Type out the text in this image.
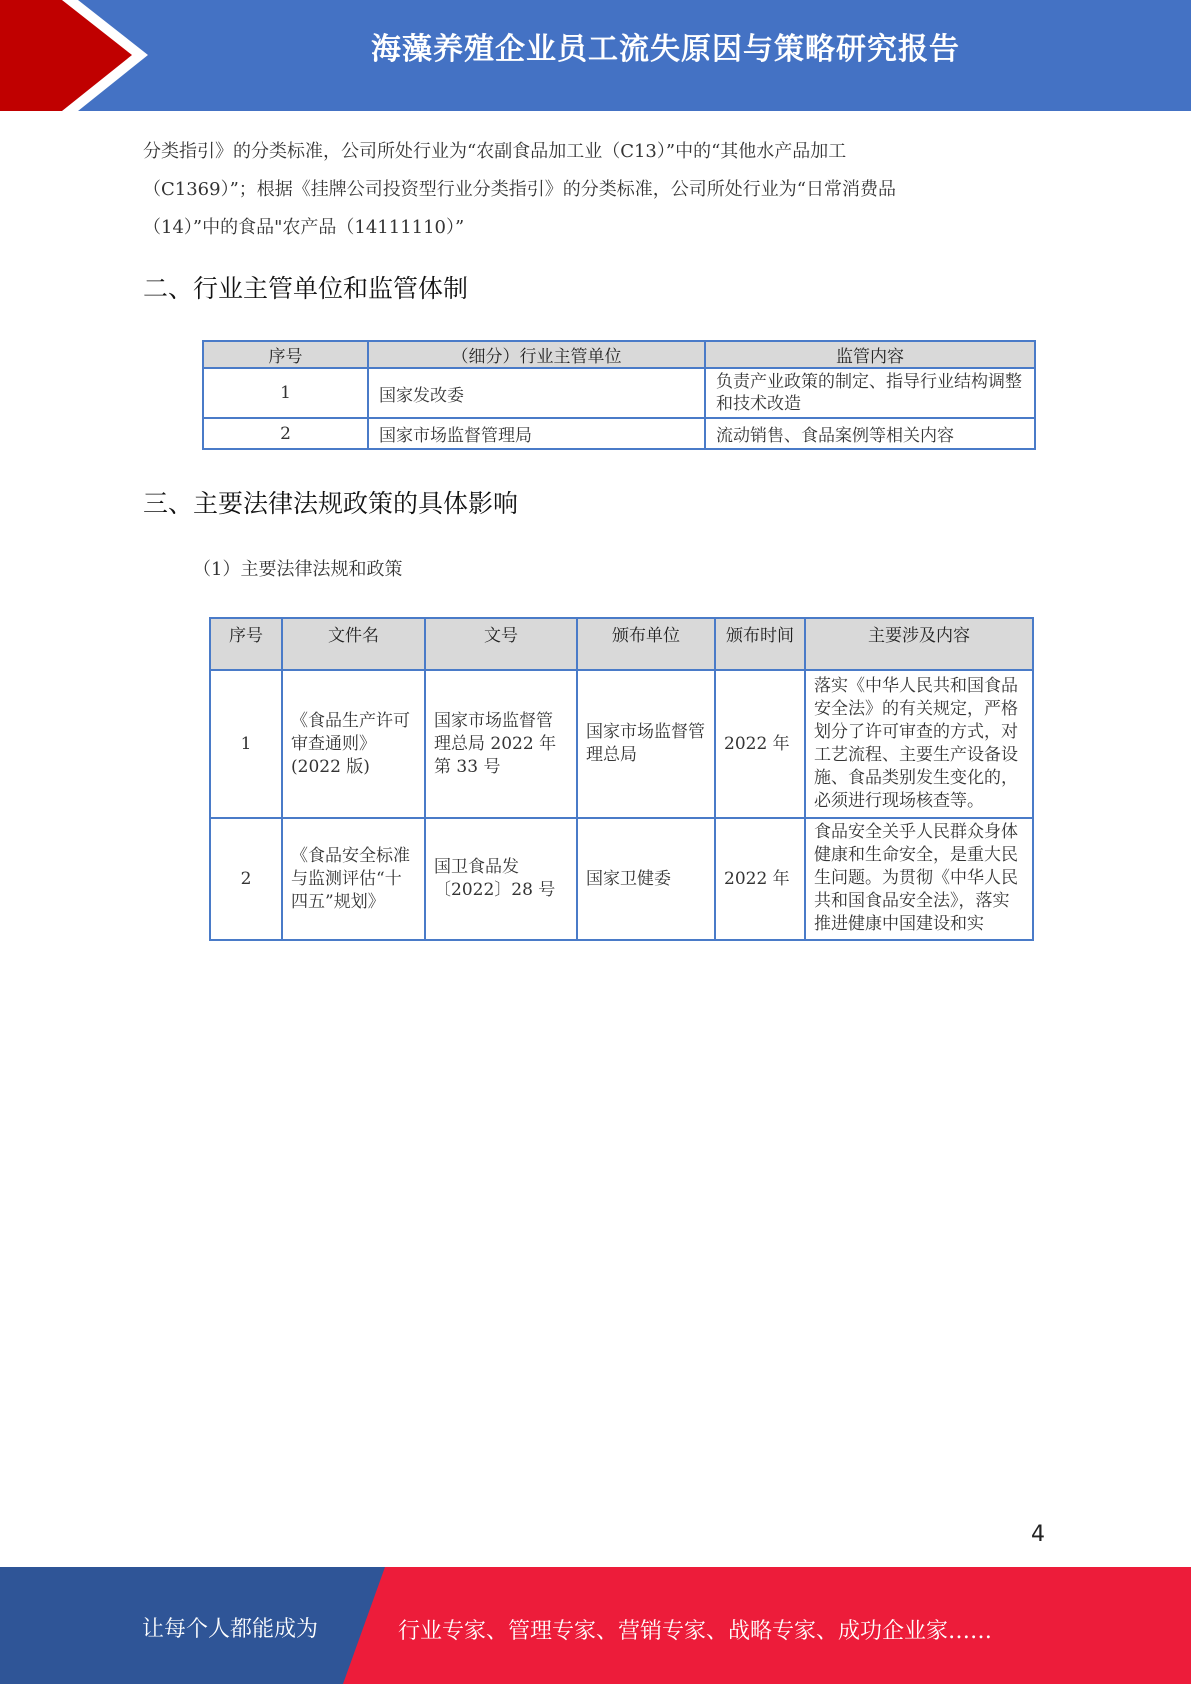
海藻养殖企业员工流失原因与策略研究报告

分类指引》的分类标准，公司所处行业为“农副食品加工业（C13）”中的“其他水产品加工
（C1369）”；根据《挂牌公司投资型行业分类指引》的分类标准，公司所处行业为“日常消费品
（14）”中的食品"农产品（14111110）”

二、行业主管单位和监管体制
序号	（细分）行业主管单位	监管内容
1	国家发改委	负责产业政策的制定、指导行业结构调整和技术改造
2	国家市场监督管理局	流动销售、食品案例等相关内容
三、主要法律法规政策的具体影响

（1）主要法律法规和政策

序号	文件名	文号	颁布单位	颁布时间	主要涉及内容
1	《食品生产许可审查通则》(2022 版)	国家市场监督管理总局 2022 年第 33 号	国家市场监督管理总局	2022 年	落实《中华人民共和国食品安全法》的有关规定，严格划分了许可审查的方式，对工艺流程、主要生产设备设施、食品类别发生变化的，必须进行现场核查等。
2	《食品安全标准与监测评估“十四五”规划》	国卫食品发〔2022〕28 号	国家卫健委	2022 年	食品安全关乎人民群众身体健康和生命安全，是重大民生问题。为贯彻《中华人民共和国食品安全法》，落实推进健康中国建设和实
4
让每个人都能成为	行业专家、管理专家、营销专家、战略专家、成功企业家……
